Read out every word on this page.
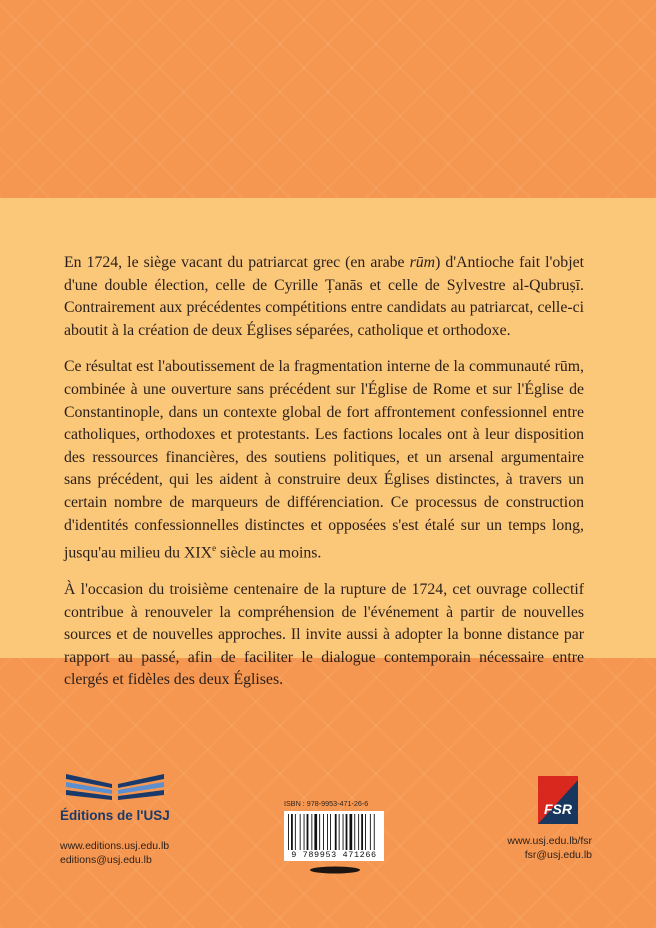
En 1724, le siège vacant du patriarcat grec (en arabe rūm) d'Antioche fait l'objet d'une double élection, celle de Cyrille Ṭanās et celle de Sylvestre al-Qubruṣī. Contrairement aux précédentes compétitions entre candidats au patriarcat, celle-ci aboutit à la création de deux Églises séparées, catholique et orthodoxe.

Ce résultat est l'aboutissement de la fragmentation interne de la communauté rūm, combinée à une ouverture sans précédent sur l'Église de Rome et sur l'Église de Constantinople, dans un contexte global de fort affrontement confessionnel entre catholiques, orthodoxes et protestants. Les factions locales ont à leur disposition des ressources financières, des soutiens politiques, et un arsenal argumentaire sans précédent, qui les aident à construire deux Églises distinctes, à travers un certain nombre de marqueurs de différenciation. Ce processus de construction d'identités confessionnelles distinctes et opposées s'est étalé sur un temps long, jusqu'au milieu du XIXe siècle au moins.

À l'occasion du troisième centenaire de la rupture de 1724, cet ouvrage collectif contribue à renouveler la compréhension de l'événement à partir de nouvelles sources et de nouvelles approches. Il invite aussi à adopter la bonne distance par rapport au passé, afin de faciliter le dialogue contemporain nécessaire entre clergés et fidèles des deux Églises.

Éditions de l'USJ
www.editions.usj.edu.lb
editions@usj.edu.lb
ISBN : 978-9953-471-26-6
9 789953 471266
FSR
www.usj.edu.lb/fsr
fsr@usj.edu.lb
